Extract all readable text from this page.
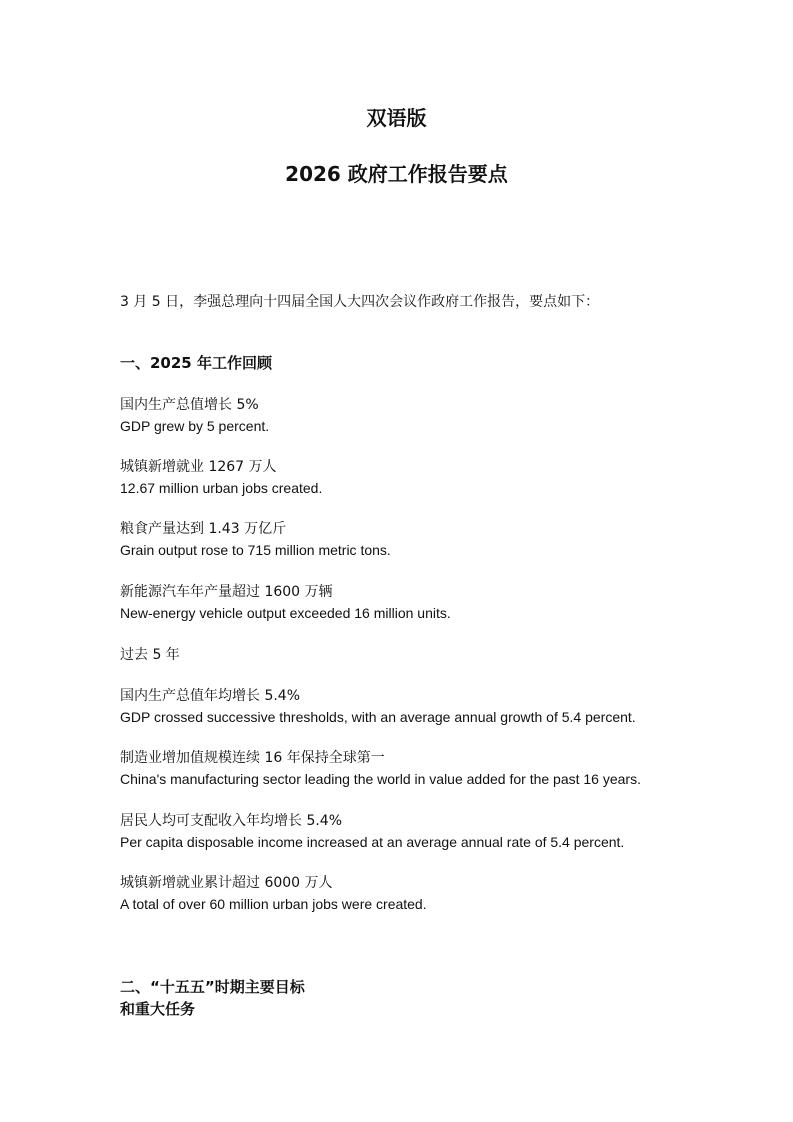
双语版
2026 政府工作报告要点
3 月 5 日，李强总理向十四届全国人大四次会议作政府工作报告，要点如下：
一、2025 年工作回顾
国内生产总值增长 5%
GDP grew by 5 percent.
城镇新增就业 1267 万人
12.67 million urban jobs created.
粮食产量达到 1.43 万亿斤
Grain output rose to 715 million metric tons.
新能源汽车年产量超过 1600 万辆
New-energy vehicle output exceeded 16 million units.
过去 5 年
国内生产总值年均增长 5.4%
GDP crossed successive thresholds, with an average annual growth of 5.4 percent.
制造业增加值规模连续 16 年保持全球第一
China's manufacturing sector leading the world in value added for the past 16 years.
居民人均可支配收入年均增长 5.4%
Per capita disposable income increased at an average annual rate of 5.4 percent.
城镇新增就业累计超过 6000 万人
A total of over 60 million urban jobs were created.
二、“十五五”时期主要目标
和重大任务
